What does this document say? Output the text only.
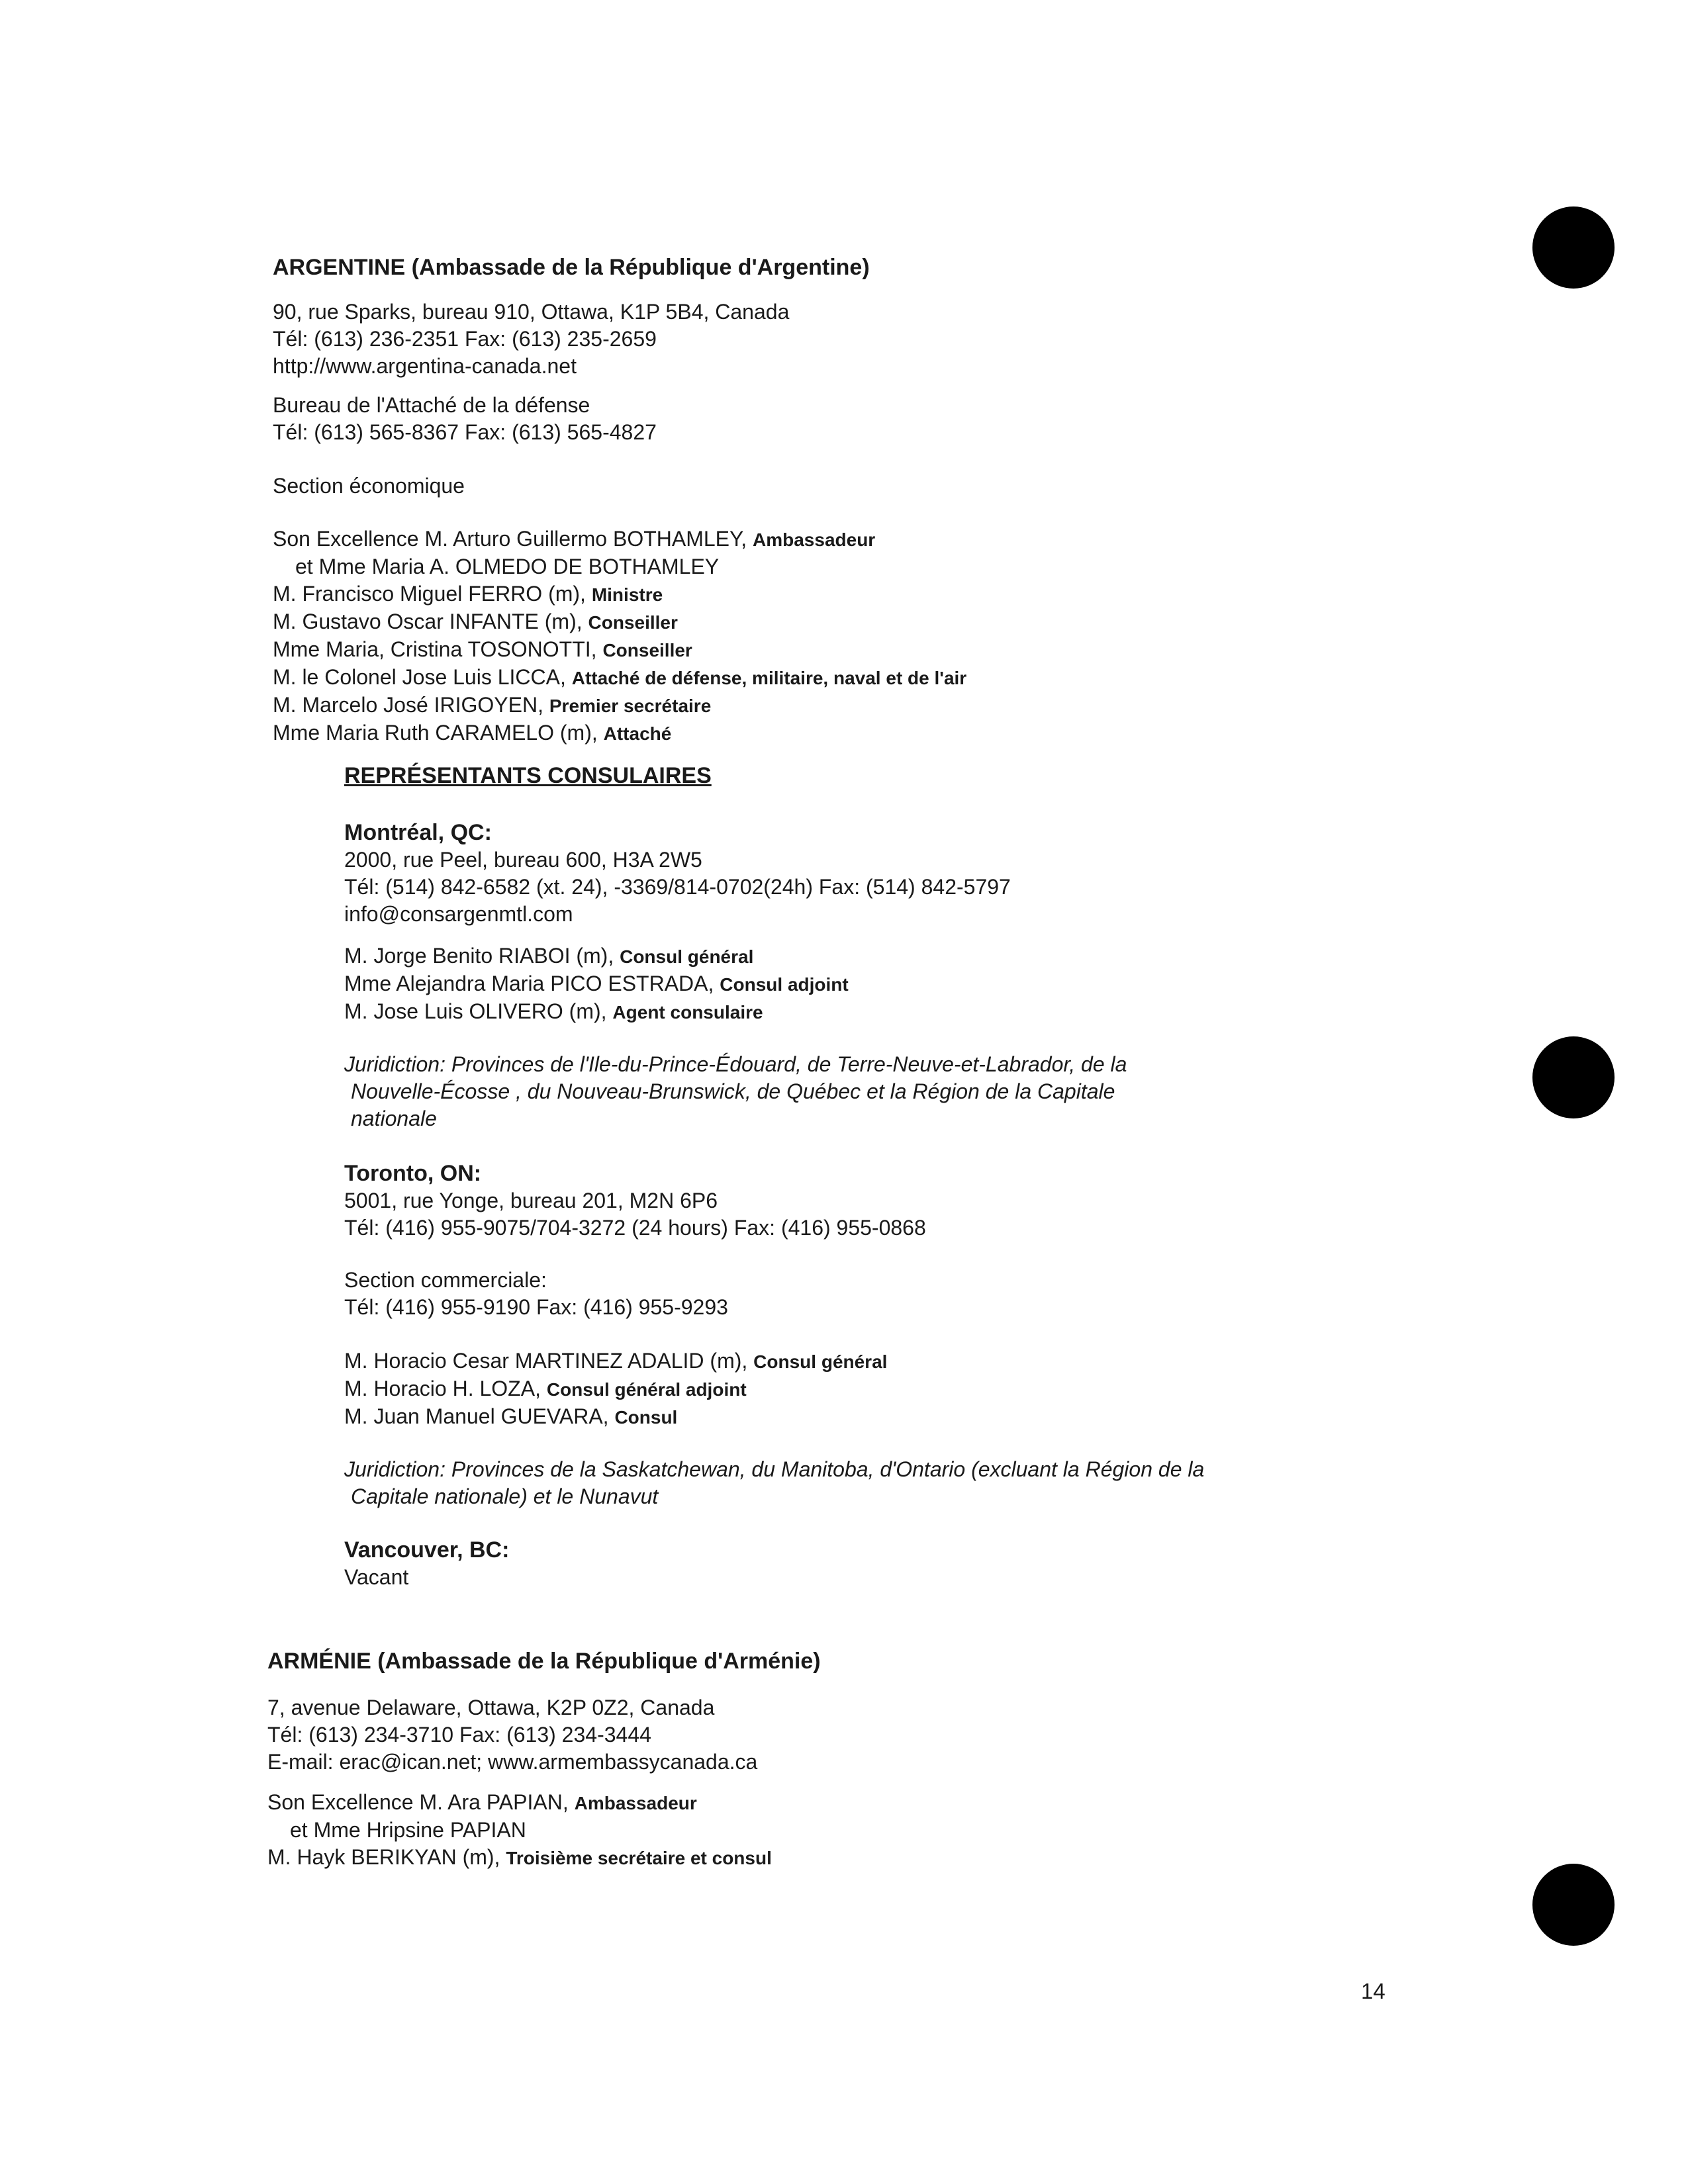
ARGENTINE (Ambassade de la République d'Argentine)
90, rue Sparks, bureau 910, Ottawa, K1P 5B4, Canada
Tél: (613) 236-2351 Fax: (613) 235-2659
http://www.argentina-canada.net
Bureau de l'Attaché de la défense
Tél: (613) 565-8367 Fax: (613) 565-4827
Section économique
Son Excellence M. Arturo Guillermo BOTHAMLEY, Ambassadeur
et Mme Maria A. OLMEDO DE BOTHAMLEY
M. Francisco Miguel FERRO (m), Ministre
M. Gustavo Oscar INFANTE (m), Conseiller
Mme Maria, Cristina TOSONOTTI, Conseiller
M. le Colonel Jose Luis LICCA, Attaché de défense, militaire, naval et de l'air
M. Marcelo José IRIGOYEN, Premier secrétaire
Mme Maria Ruth CARAMELO (m), Attaché
REPRÉSENTANTS CONSULAIRES
Montréal, QC:
2000, rue Peel, bureau 600, H3A 2W5
Tél: (514) 842-6582 (xt. 24), -3369/814-0702(24h) Fax: (514) 842-5797
info@consargenmtl.com
M. Jorge Benito RIABOI (m), Consul général
Mme Alejandra Maria PICO ESTRADA, Consul adjoint
M. Jose Luis OLIVERO (m), Agent consulaire
Juridiction: Provinces de l'Ile-du-Prince-Édouard, de Terre-Neuve-et-Labrador, de la
Nouvelle-Écosse , du Nouveau-Brunswick, de Québec et la Région de la Capitale
nationale
Toronto, ON:
5001, rue Yonge, bureau 201, M2N 6P6
Tél: (416) 955-9075/704-3272 (24 hours) Fax: (416) 955-0868
Section commerciale:
Tél: (416) 955-9190 Fax: (416) 955-9293
M. Horacio Cesar MARTINEZ ADALID (m), Consul général
M. Horacio H. LOZA, Consul général adjoint
M. Juan Manuel GUEVARA, Consul
Juridiction: Provinces de la Saskatchewan, du Manitoba, d'Ontario (excluant la Région de la
Capitale nationale) et le Nunavut
Vancouver, BC:
Vacant
ARMÉNIE (Ambassade de la République d'Arménie)
7, avenue Delaware, Ottawa, K2P 0Z2, Canada
Tél: (613) 234-3710 Fax: (613) 234-3444
E-mail: erac@ican.net; www.armembassycanada.ca
Son Excellence M. Ara PAPIAN, Ambassadeur
et Mme Hripsine PAPIAN
M. Hayk BERIKYAN (m), Troisième secrétaire et consul
14
